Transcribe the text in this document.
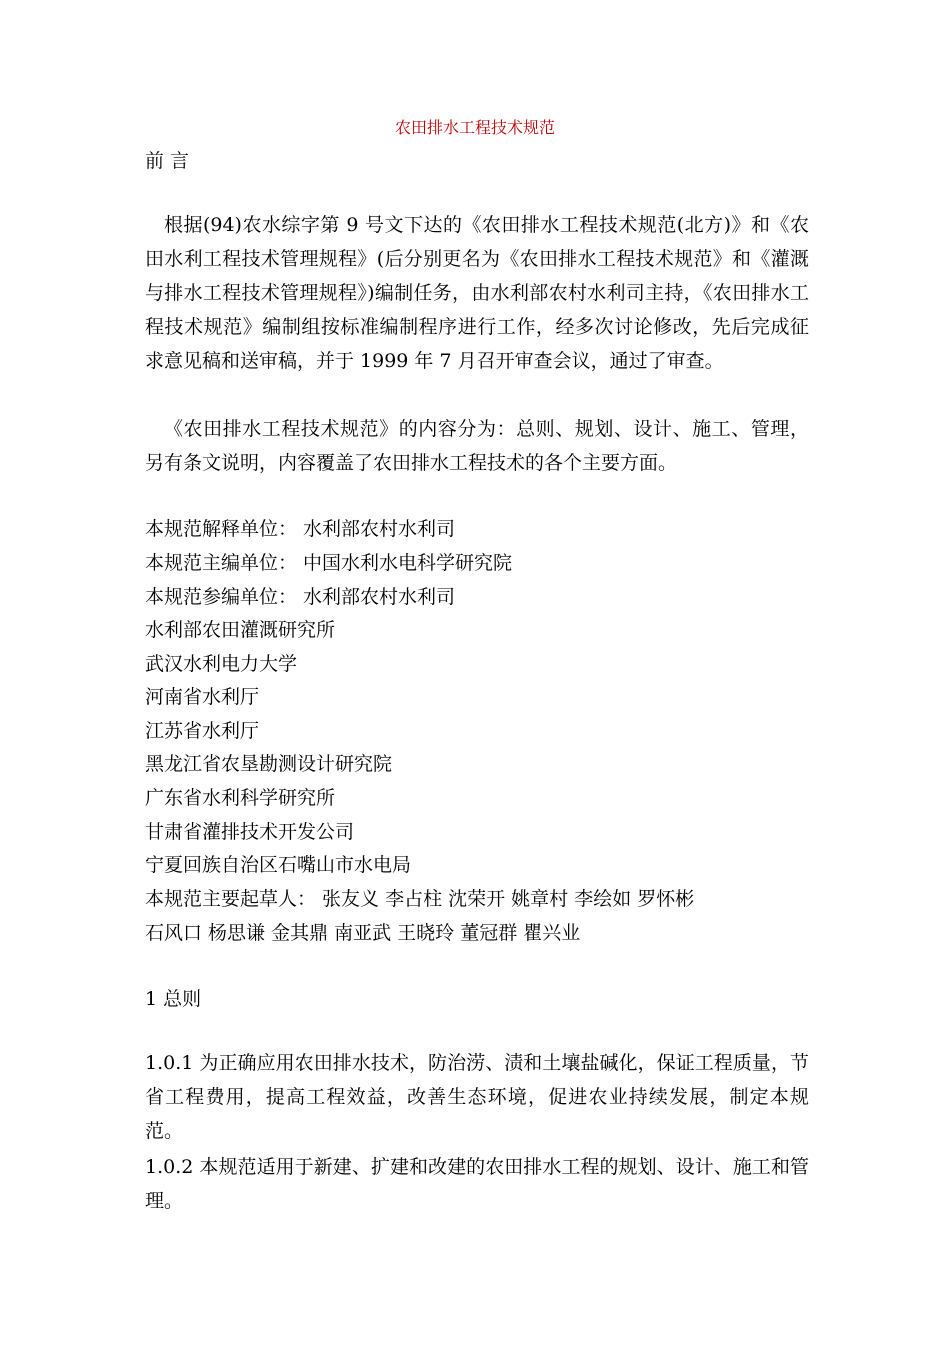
农田排水工程技术规范
前 言
根据(94)农水综字第 9 号文下达的《农田排水工程技术规范(北方)》和《农田水利工程技术管理规程》(后分别更名为《农田排水工程技术规范》和《灌溉与排水工程技术管理规程》)编制任务，由水利部农村水利司主持，《农田排水工程技术规范》编制组按标准编制程序进行工作，经多次讨论修改，先后完成征求意见稿和送审稿，并于 1999 年 7 月召开审查会议，通过了审查。
《农田排水工程技术规范》的内容分为：总则、规划、设计、施工、管理，另有条文说明，内容覆盖了农田排水工程技术的各个主要方面。
本规范解释单位： 水利部农村水利司
本规范主编单位： 中国水利水电科学研究院
本规范参编单位： 水利部农村水利司
水利部农田灌溉研究所
武汉水利电力大学
河南省水利厅
江苏省水利厅
黑龙江省农垦勘测设计研究院
广东省水利科学研究所
甘肃省灌排技术开发公司
宁夏回族自治区石嘴山市水电局
本规范主要起草人： 张友义 李占柱 沈荣开 姚章村 李绘如 罗怀彬
石风口 杨思谦 金其鼎 南亚武 王晓玲 董冠群 瞿兴业
1 总则
1.0.1 为正确应用农田排水技术，防治涝、渍和土壤盐碱化，保证工程质量，节省工程费用，提高工程效益，改善生态环境，促进农业持续发展，制定本规范。
1.0.2 本规范适用于新建、扩建和改建的农田排水工程的规划、设计、施工和管理。
